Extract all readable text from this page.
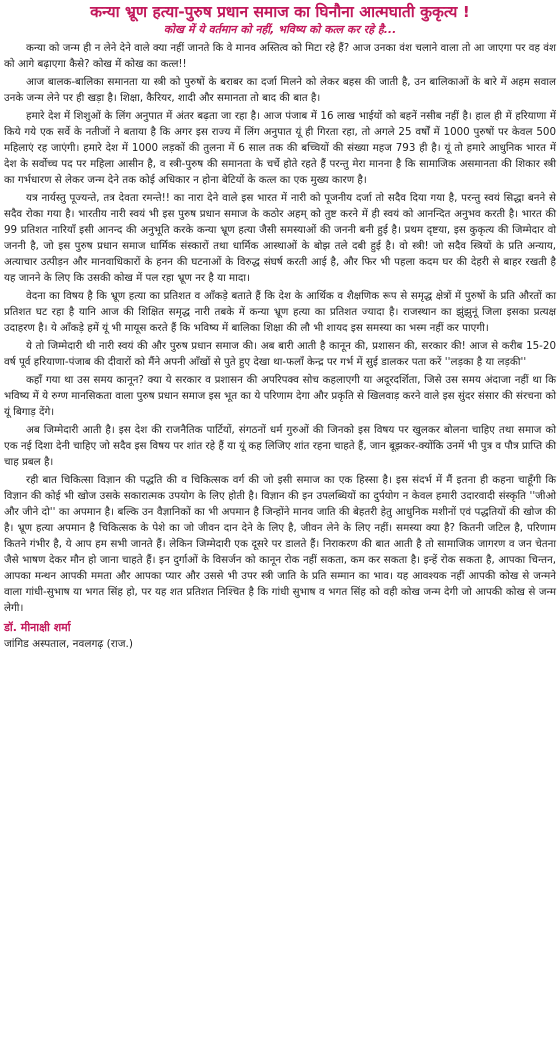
कन्या भ्रूण हत्या-पुरुष प्रधान समाज का घिनौना आत्मघाती कुकृत्य !
कोख में ये वर्तमान को नहीं, भविष्य को कत्ल कर रहे है...

कन्या को जन्म ही न लेने देने वाले क्या नहीं जानते कि वे मानव अस्तित्व को मिटा रहे हैं? आज उनका वंश चलाने वाला तो आ जाएगा पर वह वंश को आगे बढ़ाएगा कैसे? कोख में कोख का कत्ल!!

आज बालक-बालिका समानता या स्त्री को पुरुषों के बराबर का दर्जा मिलने को लेकर बहस की जाती है, उन बालिकाओं के बारे में अहम सवाल उनके जन्म लेने पर ही खड़ा है। शिक्षा, कैरियर, शादी और समानता तो बाद की बात है।

हमारे देश में शिशुओं के लिंग अनुपात में अंतर बढ़ता जा रहा है। आज पंजाब में 16 लाख भाईयों को बहनें नसीब नहीं है। हाल ही में हरियाणा में किये गये एक सर्वे के नतीजों ने बताया है कि अगर इस राज्य में लिंग अनुपात यूं ही गिरता रहा, तो अगले 25 वर्षों में 1000 पुरुषों पर केवल 500 महिलाएं रह जाएंगी। हमारे देश में 1000 लड़कों की तुलना में 6 साल तक की बच्चियों की संख्या महज 793 ही है। यूं तो हमारे आधुनिक भारत में देश के सर्वोच्च पद पर महिला आसीन है, व स्त्री-पुरुष की समानता के चर्चे होते रहते हैं परन्तु मेरा मानना है कि सामाजिक असमानता की शिकार स्त्री का गर्भधारण से लेकर जन्म देने तक कोई अधिकार न होना बेटियों के कत्ल का एक मुख्य कारण है।

यत्र नार्यस्तु पूज्यन्ते, तत्र देवता रमन्ते!! का नारा देने वाले इस भारत में नारी को पूजनीय दर्जा तो सदैव दिया गया है, परन्तु स्वयं सिद्धा बनने से सदैव रोका गया है। भारतीय नारी स्वयं भी इस पुरुष प्रधान समाज के कठोर अहम् को तुष्ट करने में ही स्वयं को आनन्दित अनुभव करती है। भारत की 99 प्रतिशत नारियाँ इसी आनन्द की अनुभूति करके कन्या भ्रूण हत्या जैसी समस्याओं की जननी बनी हुई है। प्रथम दृष्टया, इस कुकृत्य की जिम्मेदार वो जननी है, जो इस पुरुष प्रधान समाज धार्मिक संस्कारों तथा धार्मिक आस्थाओं के बोझ तले दबी हुई है। वो स्त्री! जो सदैव स्त्रियों के प्रति अन्याय, अत्याचार उत्पीड़न और मानवाधिकारों के हनन की घटनाओं के विरुद्ध संघर्ष करती आई है, और फिर भी पहला कदम घर की देहरी से बाहर रखती है यह जानने के लिए कि उसकी कोख में पल रहा भ्रूण नर है या मादा।

वेदना का विषय है कि भ्रूण हत्या का प्रतिशत व आँकड़े बताते हैं कि देश के आर्थिक व शैक्षणिक रूप से समृद्ध क्षेत्रों में पुरुषों के प्रति औरतों का प्रतिशत घट रहा है यानि आज की शिक्षित समृद्ध नारी तबके में कन्या भ्रूण हत्या का प्रतिशत ज्यादा है। राजस्थान का झुंझुनूं जिला इसका प्रत्यक्ष उदाहरण है। ये आँकड़े हमें यूं भी मायूस करते हैं कि भविष्य में बालिका शिक्षा की लौ भी शायद इस समस्या का भस्म नहीं कर पाएगी।

ये तो जिम्मेदारी थी नारी स्वयं की और पुरुष प्रधान समाज की। अब बारी आती है कानून की, प्रशासन की, सरकार की! आज से करीब 15-20 वर्ष पूर्व हरियाणा-पंजाब की दीवारों को मैंने अपनी आँखों से पुते हुए देखा था-फलाँ केन्द्र पर गर्भ में सुई डालकर पता करें ''लड़का है या लड़की''

कहाँ गया था उस समय कानून? क्या ये सरकार व प्रशासन की अपरिपक्व सोच कहलाएगी या अदूरदर्शिता, जिसे उस समय अंदाजा नहीं था कि भविष्य में ये रुग्ण मानसिकता वाला पुरुष प्रधान समाज इस भूत का ये परिणाम देगा और प्रकृति से खिलवाड़ करने वाले इस सुंदर संसार की संरचना को यूं बिगाड़ देंगे।

अब जिम्मेदारी आती है। इस देश की राजनैतिक पार्टियों, संगठनों धर्म गुरुओं की जिनको इस विषय पर खुलकर बोलना चाहिए तथा समाज को एक नई दिशा देनी चाहिए जो सदैव इस विषय पर शांत रहे हैं या यूं कह लिजिए शांत रहना चाहते हैं, जान बूझकर-क्योंकि उनमें भी पुत्र व पौत्र प्राप्ति की चाह प्रबल है।

रही बात चिकित्सा विज्ञान की पद्धति की व चिकित्सक वर्ग की जो इसी समाज का एक हिस्सा है। इस संदर्भ में मैं इतना ही कहना चाहूँगी कि विज्ञान की कोई भी खोज उसके सकारात्मक उपयोग के लिए होती है। विज्ञान की इन उपलब्धियों का दुर्पयोग न केवल हमारी उदारवादी संस्कृति ''जीओ और जीने दो'' का अपमान है। बल्कि उन वैज्ञानिकों का भी अपमान है जिन्होंने मानव जाति की बेहतरी हेतु आधुनिक मशीनों एवं पद्धतियों की खोज की है। भ्रूण हत्या अपमान है चिकित्सक के पेशे का जो जीवन दान देने के लिए है, जीवन लेने के लिए नहीं। समस्या क्या है? कितनी जटिल है, परिणाम कितने गंभीर है, ये आप हम सभी जानते हैं। लेकिन जिम्मेदारी एक दूसरे पर डालते हैं। निराकरण की बात आती है तो सामाजिक जागरण व जन चेतना जैसे भाषण देकर मौन हो जाना चाहते हैं। इन दुर्गाओं के विसर्जन को कानून रोक नहीं सकता, कम कर सकता है। इन्हें रोक सकता है, आपका चिन्तन, आपका मन्थन आपकी ममता और आपका प्यार और उससे भी उपर स्त्री जाति के प्रति सम्मान का भाव। यह आवश्यक नहीं आपकी कोख से जन्मने वाला गांधी-सुभाष या भगत सिंह हो, पर यह शत प्रतिशत निश्चित है कि गांधी सुभाष व भगत सिंह को वही कोख जन्म देगी जो आपकी कोख से जन्म लेगी।

डॉ. मीनाक्षी शर्मा
जांगिड अस्पताल, नवलगढ़ (राज.)
